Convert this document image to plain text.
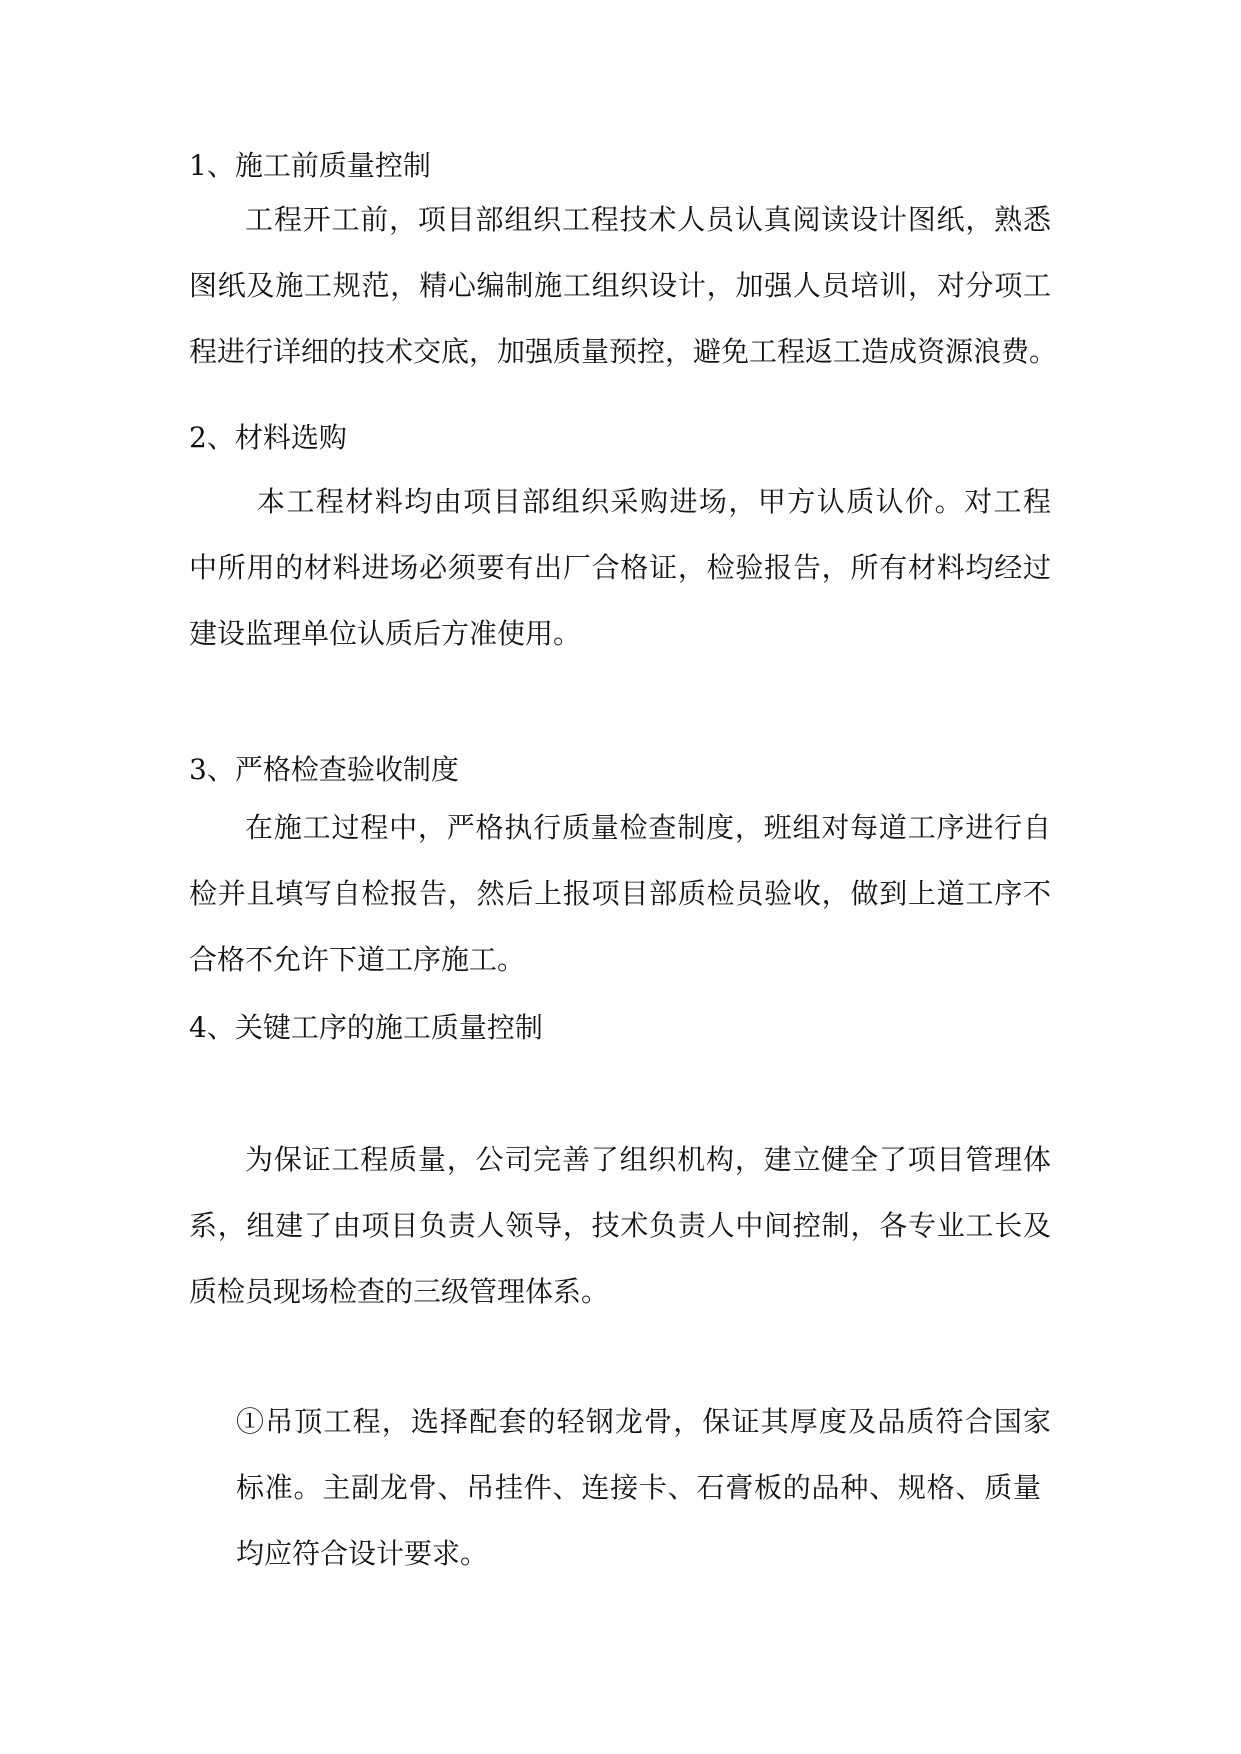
1、施工前质量控制
工程开工前，项目部组织工程技术人员认真阅读设计图纸，熟悉
图纸及施工规范，精心编制施工组织设计，加强人员培训，对分项工
程进行详细的技术交底，加强质量预控，避免工程返工造成资源浪费。
2、材料选购
本工程材料均由项目部组织采购进场，甲方认质认价。对工程
中所用的材料进场必须要有出厂合格证，检验报告，所有材料均经过
建设监理单位认质后方准使用。
3、严格检查验收制度
在施工过程中，严格执行质量检查制度，班组对每道工序进行自
检并且填写自检报告，然后上报项目部质检员验收，做到上道工序不
合格不允许下道工序施工。
4、关键工序的施工质量控制
为保证工程质量，公司完善了组织机构，建立健全了项目管理体
系，组建了由项目负责人领导，技术负责人中间控制，各专业工长及
质检员现场检查的三级管理体系。
①吊顶工程，选择配套的轻钢龙骨，保证其厚度及品质符合国家
标准。主副龙骨、吊挂件、连接卡、石膏板的品种、规格、质量
均应符合设计要求。
